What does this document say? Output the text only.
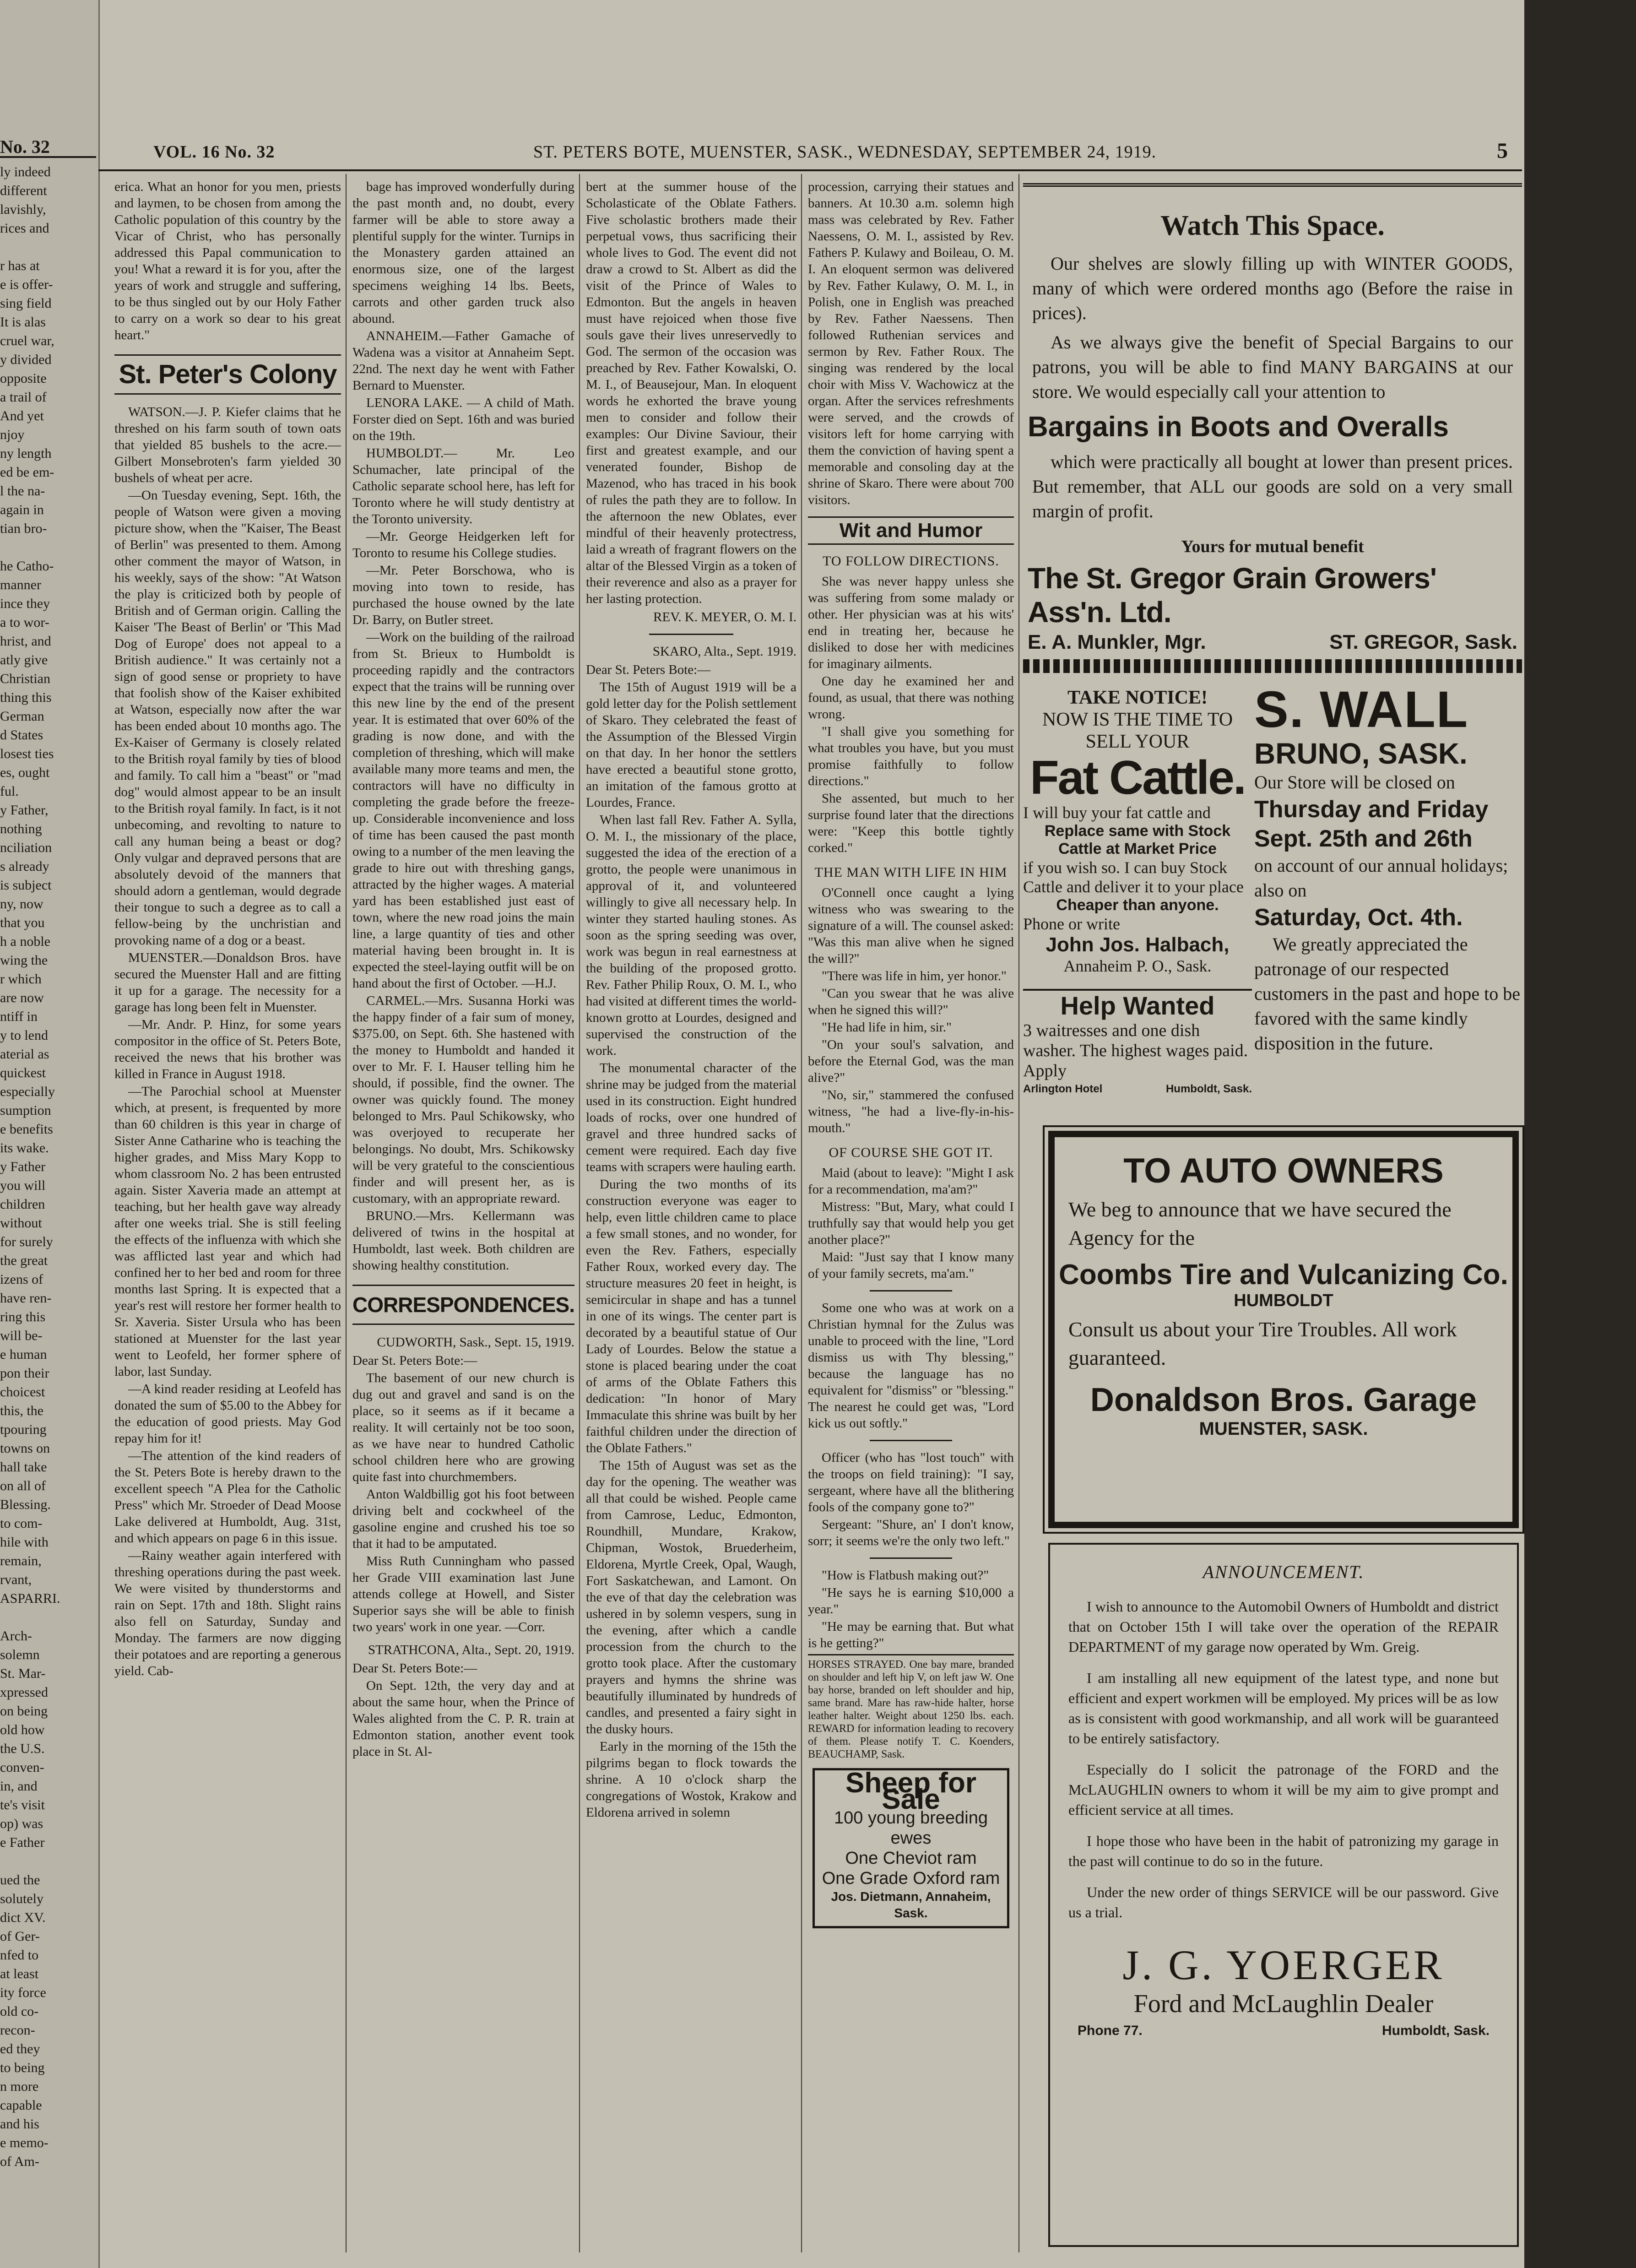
No. 32

ly indeed

different

lavishly,

rices and

r has at

e is offer-

sing field

It is alas

cruel war,

y divided

opposite

a trail of

And yet

njoy

ny length

ed be em-

l the na-

again in

tian bro-

he Catho-

manner

ince they

a to wor-

hrist, and

atly give

Christian

thing this

German

d States

losest ties

es, ought

ful.

y Father,

nothing

nciliation

s already

is subject

ny, now

that you

h a noble

wing the

r which

are now

ntiff in

y to lend

aterial as

quickest

especially

sumption

e benefits

its wake.

y Father

you will

children

without

for surely

the great

izens of

have ren-

ring this

will be-

e human

pon their

choicest

this, the

tpouring

towns on

hall take

on all of

Blessing.

to com-

hile with

remain,

rvant,

ASPARRI.

Arch-

solemn

St. Mar-

xpressed

on being

old how

the U.S.

conven-

in, and

te's visit

op) was

e Father

ued the

solutely

dict XV.

of Ger-

nfed to

at least

ity force

old co-

recon-

ed they

to being

n more

capable

and his

e memo-

of Am-

VOL. 16 No. 32	ST. PETERS BOTE, MUENSTER, SASK., WEDNESDAY, SEPTEMBER 24, 1919.	5

erica. What an honor for you men, priests and laymen, to be chosen from among the Catholic population of this country by the Vicar of Christ, who has personally addressed this Papal communication to you! What a reward it is for you, after the years of work and struggle and suffering, to be thus singled out by our Holy Father to carry on a work so dear to his great heart."

St. Peter's Colony

WATSON.—J. P. Kiefer claims that he threshed on his farm south of town oats that yielded 85 bushels to the acre.—Gilbert Monsebroten's farm yielded 30 bushels of wheat per acre.

—On Tuesday evening, Sept. 16th, the people of Watson were given a moving picture show, when the "Kaiser, The Beast of Berlin" was presented to them. Among other comment the mayor of Watson, in his weekly, says of the show: "At Watson the play is criticized both by people of British and of German origin. Calling the Kaiser 'The Beast of Berlin' or 'This Mad Dog of Europe' does not appeal to a British audience." It was certainly not a sign of good sense or propriety to have that foolish show of the Kaiser exhibited at Watson, especially now after the war has been ended about 10 months ago. The Ex-Kaiser of Germany is closely related to the British royal family by ties of blood and family. To call him a "beast" or "mad dog" would almost appear to be an insult to the British royal family. In fact, is it not unbecoming, and revolting to nature to call any human being a beast or dog? Only vulgar and depraved persons that are absolutely devoid of the manners that should adorn a gentleman, would degrade their tongue to such a degree as to call a fellow-being by the unchristian and provoking name of a dog or a beast.

MUENSTER.—Donaldson Bros. have secured the Muenster Hall and are fitting it up for a garage. The necessity for a garage has long been felt in Muenster.

—Mr. Andr. P. Hinz, for some years compositor in the office of St. Peters Bote, received the news that his brother was killed in France in August 1918.

—The Parochial school at Muenster which, at present, is frequented by more than 60 children is this year in charge of Sister Anne Catharine who is teaching the higher grades, and Miss Mary Kopp to whom classroom No. 2 has been entrusted again. Sister Xaveria made an attempt at teaching, but her health gave way already after one weeks trial. She is still feeling the effects of the influenza with which she was afflicted last year and which had confined her to her bed and room for three months last Spring. It is expected that a year's rest will restore her former health to Sr. Xaveria. Sister Ursula who has been stationed at Muenster for the last year went to Leofeld, her former sphere of labor, last Sunday.

—A kind reader residing at Leofeld has donated the sum of $5.00 to the Abbey for the education of good priests. May God repay him for it!

—The attention of the kind readers of the St. Peters Bote is hereby drawn to the excellent speech "A Plea for the Catholic Press" which Mr. Stroeder of Dead Moose Lake delivered at Humboldt, Aug. 31st, and which appears on page 6 in this issue.

—Rainy weather again interfered with threshing operations during the past week. We were visited by thunderstorms and rain on Sept. 17th and 18th. Slight rains also fell on Saturday, Sunday and Monday. The farmers are now digging their potatoes and are reporting a generous yield. Cab-

bage has improved wonderfully during the past month and, no doubt, every farmer will be able to store away a plentiful supply for the winter. Turnips in the Monastery garden attained an enormous size, one of the largest specimens weighing 14 lbs. Beets, carrots and other garden truck also abound.

ANNAHEIM.—Father Gamache of Wadena was a visitor at Annaheim Sept. 22nd. The next day he went with Father Bernard to Muenster.

LENORA LAKE. — A child of Math. Forster died on Sept. 16th and was buried on the 19th.

HUMBOLDT.— Mr. Leo Schumacher, late principal of the Catholic separate school here, has left for Toronto where he will study dentistry at the Toronto university.

—Mr. George Heidgerken left for Toronto to resume his College studies.

—Mr. Peter Borschowa, who is moving into town to reside, has purchased the house owned by the late Dr. Barry, on Butler street.

—Work on the building of the railroad from St. Brieux to Humboldt is proceeding rapidly and the contractors expect that the trains will be running over this new line by the end of the present year. It is estimated that over 60% of the grading is now done, and with the completion of threshing, which will make available many more teams and men, the contractors will have no difficulty in completing the grade before the freeze-up. Considerable inconvenience and loss of time has been caused the past month owing to a number of the men leaving the grade to hire out with threshing gangs, attracted by the higher wages. A material yard has been established just east of town, where the new road joins the main line, a large quantity of ties and other material having been brought in. It is expected the steel-laying outfit will be on hand about the first of October. —H.J.

CARMEL.—Mrs. Susanna Horki was the happy finder of a fair sum of money, $375.00, on Sept. 6th. She hastened with the money to Humboldt and handed it over to Mr. F. I. Hauser telling him he should, if possible, find the owner. The owner was quickly found. The money belonged to Mrs. Paul Schikowsky, who was overjoyed to recuperate her belongings. No doubt, Mrs. Schikowsky will be very grateful to the conscientious finder and will present her, as is customary, with an appropriate reward.

BRUNO.—Mrs. Kellermann was delivered of twins in the hospital at Humboldt, last week. Both children are showing healthy constitution.

CORRESPONDENCES.
CUDWORTH, Sask., Sept. 15, 1919.

Dear St. Peters Bote:—

The basement of our new church is dug out and gravel and sand is on the place, so it seems as if it became a reality. It will certainly not be too soon, as we have near to hundred Catholic school children here who are growing quite fast into churchmembers.

Anton Waldbillig got his foot between driving belt and cockwheel of the gasoline engine and crushed his toe so that it had to be amputated.

Miss Ruth Cunningham who passed her Grade VIII examination last June attends college at Howell, and Sister Superior says she will be able to finish two years' work in one year. —Corr.

STRATHCONA, Alta., Sept. 20, 1919.

Dear St. Peters Bote:—

On Sept. 12th, the very day and at about the same hour, when the Prince of Wales alighted from the C. P. R. train at Edmonton station, another event took place in St. Al-

bert at the summer house of the Scholasticate of the Oblate Fathers. Five scholastic brothers made their perpetual vows, thus sacrificing their whole lives to God. The event did not draw a crowd to St. Albert as did the visit of the Prince of Wales to Edmonton. But the angels in heaven must have rejoiced when those five souls gave their lives unreservedly to God. The sermon of the occasion was preached by Rev. Father Kowalski, O. M. I., of Beausejour, Man. In eloquent words he exhorted the brave young men to consider and follow their examples: Our Divine Saviour, their first and greatest example, and our venerated founder, Bishop de Mazenod, who has traced in his book of rules the path they are to follow. In the afternoon the new Oblates, ever mindful of their heavenly protectress, laid a wreath of fragrant flowers on the altar of the Blessed Virgin as a token of their reverence and also as a prayer for her lasting protection.

REV. K. MEYER, O. M. I.
SKARO, Alta., Sept. 1919.

Dear St. Peters Bote:—

The 15th of August 1919 will be a gold letter day for the Polish settlement of Skaro. They celebrated the feast of the Assumption of the Blessed Virgin on that day. In her honor the settlers have erected a beautiful stone grotto, an imitation of the famous grotto at Lourdes, France.

When last fall Rev. Father A. Sylla, O. M. I., the missionary of the place, suggested the idea of the erection of a grotto, the people were unanimous in approval of it, and volunteered willingly to give all necessary help. In winter they started hauling stones. As soon as the spring seeding was over, work was begun in real earnestness at the building of the proposed grotto. Rev. Father Philip Roux, O. M. I., who had visited at different times the world-known grotto at Lourdes, designed and supervised the construction of the work.

The monumental character of the shrine may be judged from the material used in its construction. Eight hundred loads of rocks, over one hundred of gravel and three hundred sacks of cement were required. Each day five teams with scrapers were hauling earth.

During the two months of its construction everyone was eager to help, even little children came to place a few small stones, and no wonder, for even the Rev. Fathers, especially Father Roux, worked every day. The structure measures 20 feet in height, is semicircular in shape and has a tunnel in one of its wings. The center part is decorated by a beautiful statue of Our Lady of Lourdes. Below the statue a stone is placed bearing under the coat of arms of the Oblate Fathers this dedication: "In honor of Mary Immaculate this shrine was built by her faithful children under the direction of the Oblate Fathers."

The 15th of August was set as the day for the opening. The weather was all that could be wished. People came from Camrose, Leduc, Edmonton, Roundhill, Mundare, Krakow, Chipman, Wostok, Bruederheim, Eldorena, Myrtle Creek, Opal, Waugh, Fort Saskatchewan, and Lamont. On the eve of that day the celebration was ushered in by solemn vespers, sung in the evening, after which a candle procession from the church to the grotto took place. After the customary prayers and hymns the shrine was beautifully illuminated by hundreds of candles, and presented a fairy sight in the dusky hours.

Early in the morning of the 15th the pilgrims began to flock towards the shrine. A 10 o'clock sharp the congregations of Wostok, Krakow and Eldorena arrived in solemn

procession, carrying their statues and banners. At 10.30 a.m. solemn high mass was celebrated by Rev. Father Naessens, O. M. I., assisted by Rev. Fathers P. Kulawy and Boileau, O. M. I. An eloquent sermon was delivered by Rev. Father Kulawy, O. M. I., in Polish, one in English was preached by Rev. Father Naessens. Then followed Ruthenian services and sermon by Rev. Father Roux. The singing was rendered by the local choir with Miss V. Wachowicz at the organ. After the services refreshments were served, and the crowds of visitors left for home carrying with them the conviction of having spent a memorable and consoling day at the shrine of Skaro. There were about 700 visitors.

Wit and Humor
TO FOLLOW DIRECTIONS.

She was never happy unless she was suffering from some malady or other. Her physician was at his wits' end in treating her, because he disliked to dose her with medicines for imaginary ailments.

One day he examined her and found, as usual, that there was nothing wrong.

"I shall give you something for what troubles you have, but you must promise faithfully to follow directions."

She assented, but much to her surprise found later that the directions were: "Keep this bottle tightly corked."

THE MAN WITH LIFE IN HIM

O'Connell once caught a lying witness who was swearing to the signature of a will. The counsel asked: "Was this man alive when he signed the will?"

"There was life in him, yer honor."

"Can you swear that he was alive when he signed this will?"

"He had life in him, sir."

"On your soul's salvation, and before the Eternal God, was the man alive?"

"No, sir," stammered the confused witness, "he had a live-fly-in-his-mouth."

OF COURSE SHE GOT IT.

Maid (about to leave): "Might I ask for a recommendation, ma'am?"

Mistress: "But, Mary, what could I truthfully say that would help you get another place?"

Maid: "Just say that I know many of your family secrets, ma'am."

Some one who was at work on a Christian hymnal for the Zulus was unable to proceed with the line, "Lord dismiss us with Thy blessing," because the language has no equivalent for "dismiss" or "blessing." The nearest he could get was, "Lord kick us out softly."

Officer (who has "lost touch" with the troops on field training): "I say, sergeant, where have all the blithering fools of the company gone to?"

Sergeant: "Shure, an' I don't know, sorr; it seems we're the only two left."

"How is Flatbush making out?"

"He says he is earning $10,000 a year."

"He may be earning that. But what is he getting?"

HORSES STRAYED. One bay mare, branded on shoulder and left hip V, on left jaw W. One bay horse, branded on left shoulder and hip, same brand. Mare has raw-hide halter, horse leather halter. Weight about 1250 lbs. each. REWARD for information leading to recovery of them. Please notify T. C. Koenders, BEAUCHAMP, Sask.
Sheep for Sale
100 young breeding ewes
One Cheviot ram
One Grade Oxford ram
Jos. Dietmann, Annaheim, Sask.
Watch This Space.

Our shelves are slowly filling up with WINTER GOODS, many of which were ordered months ago (Before the raise in prices).

As we always give the benefit of Special Bargains to our patrons, you will be able to find MANY BARGAINS at our store. We would especially call your attention to

Bargains in Boots and Overalls

which were practically all bought at lower than present prices. But remember, that ALL our goods are sold on a very small margin of profit.

Yours for mutual benefit
The St. Gregor Grain Growers' Ass'n. Ltd.
E. A. Munkler, Mgr.	ST. GREGOR, Sask.
TAKE NOTICE!
NOW IS THE TIME TO SELL YOUR
Fat Cattle.
I will buy your fat cattle and
Replace same with Stock Cattle at Market Price
if you wish so. I can buy Stock Cattle and deliver it to your place
Cheaper than anyone.
Phone or write
John Jos. Halbach,
Annaheim P. O., Sask.
Help Wanted

3 waitresses and one dish washer. The highest wages paid. Apply

Arlington Hotel	Humboldt, Sask.
S. WALL
BRUNO, SASK.

Our Store will be closed on

Thursday and Friday Sept. 25th and 26th

on account of our annual holidays; also on

Saturday, Oct. 4th.

We greatly appreciated the patronage of our respected customers in the past and hope to be favored with the same kindly disposition in the future.

TO AUTO OWNERS

We beg to announce that we have secured the Agency for the

Coombs Tire and Vulcanizing Co.
HUMBOLDT

Consult us about your Tire Troubles. All work guaranteed.

Donaldson Bros. Garage
MUENSTER, SASK.
ANNOUNCEMENT.

I wish to announce to the Automobil Owners of Humboldt and district that on October 15th I will take over the operation of the REPAIR DEPARTMENT of my garage now operated by Wm. Greig.

I am installing all new equipment of the latest type, and none but efficient and expert workmen will be employed. My prices will be as low as is consistent with good workmanship, and all work will be guaranteed to be entirely satisfactory.

Especially do I solicit the patronage of the FORD and the McLAUGHLIN owners to whom it will be my aim to give prompt and efficient service at all times.

I hope those who have been in the habit of patronizing my garage in the past will continue to do so in the future.

Under the new order of things SERVICE will be our password. Give us a trial.

J. G. YOERGER
Ford and McLaughlin Dealer
Phone 77.	Humboldt, Sask.
